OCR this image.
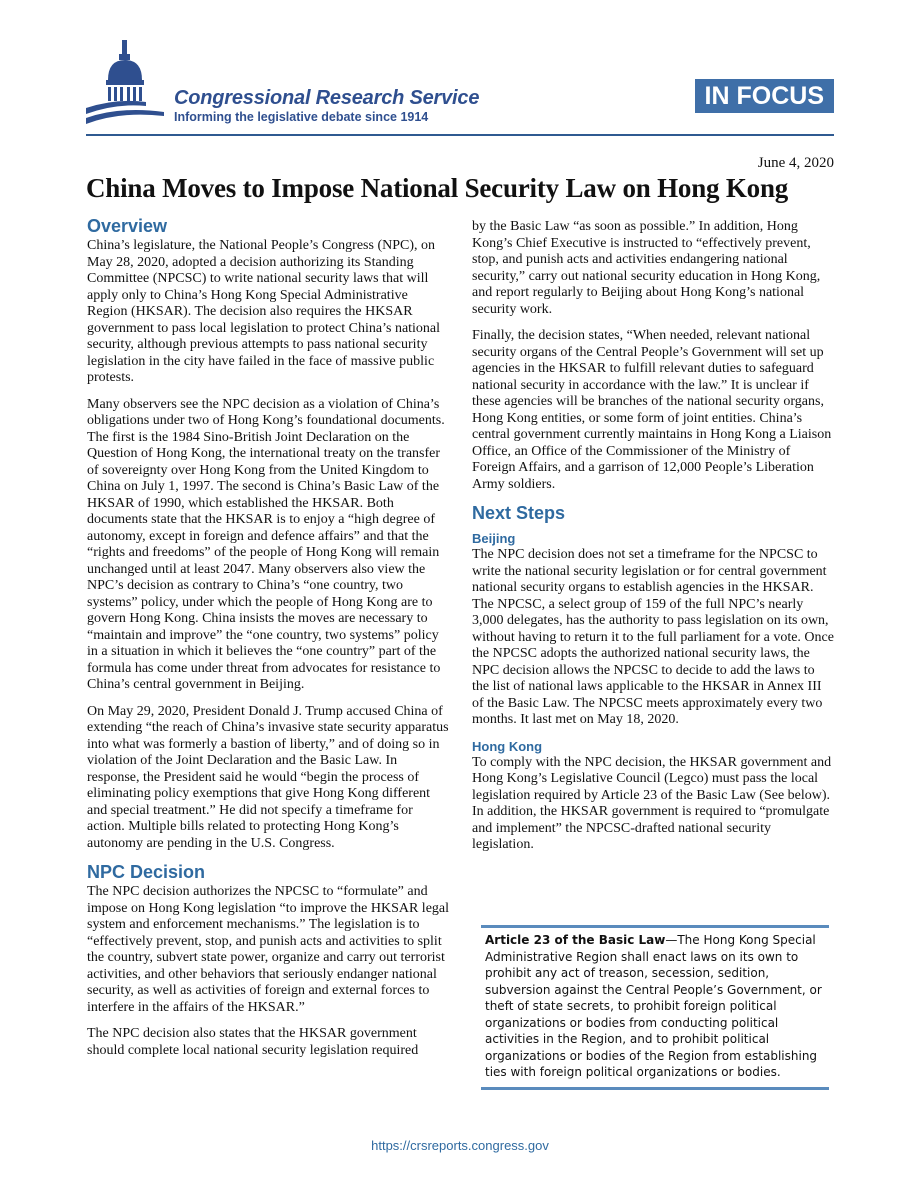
Congressional Research Service
Informing the legislative debate since 1914
IN FOCUS
June 4, 2020
China Moves to Impose National Security Law on Hong Kong
Overview

China’s legislature, the National People’s Congress (NPC), on May 28, 2020, adopted a decision authorizing its Standing Committee (NPCSC) to write national security laws that will apply only to China’s Hong Kong Special Administrative Region (HKSAR). The decision also requires the HKSAR government to pass local legislation to protect China’s national security, although previous attempts to pass national security legislation in the city have failed in the face of massive public protests.

Many observers see the NPC decision as a violation of China’s obligations under two of Hong Kong’s foundational documents. The first is the 1984 Sino-British Joint Declaration on the Question of Hong Kong, the international treaty on the transfer of sovereignty over Hong Kong from the United Kingdom to China on July 1, 1997. The second is China’s Basic Law of the HKSAR of 1990, which established the HKSAR. Both documents state that the HKSAR is to enjoy a “high degree of autonomy, except in foreign and defence affairs” and that the “rights and freedoms” of the people of Hong Kong will remain unchanged until at least 2047. Many observers also view the NPC’s decision as contrary to China’s “one country, two systems” policy, under which the people of Hong Kong are to govern Hong Kong. China insists the moves are necessary to “maintain and improve” the “one country, two systems” policy in a situation in which it believes the “one country” part of the formula has come under threat from advocates for resistance to China’s central government in Beijing.

On May 29, 2020, President Donald J. Trump accused China of extending “the reach of China’s invasive state security apparatus into what was formerly a bastion of liberty,” and of doing so in violation of the Joint Declaration and the Basic Law. In response, the President said he would “begin the process of eliminating policy exemptions that give Hong Kong different and special treatment.” He did not specify a timeframe for action. Multiple bills related to protecting Hong Kong’s autonomy are pending in the U.S. Congress.

NPC Decision

The NPC decision authorizes the NPCSC to “formulate” and impose on Hong Kong legislation “to improve the HKSAR legal system and enforcement mechanisms.” The legislation is to “effectively prevent, stop, and punish acts and activities to split the country, subvert state power, organize and carry out terrorist activities, and other behaviors that seriously endanger national security, as well as activities of foreign and external forces to interfere in the affairs of the HKSAR.”

The NPC decision also states that the HKSAR government should complete local national security legislation required

by the Basic Law “as soon as possible.” In addition, Hong Kong’s Chief Executive is instructed to “effectively prevent, stop, and punish acts and activities endangering national security,” carry out national security education in Hong Kong, and report regularly to Beijing about Hong Kong’s national security work.

Finally, the decision states, “When needed, relevant national security organs of the Central People’s Government will set up agencies in the HKSAR to fulfill relevant duties to safeguard national security in accordance with the law.” It is unclear if these agencies will be branches of the national security organs, Hong Kong entities, or some form of joint entities. China’s central government currently maintains in Hong Kong a Liaison Office, an Office of the Commissioner of the Ministry of Foreign Affairs, and a garrison of 12,000 People’s Liberation Army soldiers.

Next Steps
Beijing

The NPC decision does not set a timeframe for the NPCSC to write the national security legislation or for central government national security organs to establish agencies in the HKSAR. The NPCSC, a select group of 159 of the full NPC’s nearly 3,000 delegates, has the authority to pass legislation on its own, without having to return it to the full parliament for a vote. Once the NPCSC adopts the authorized national security laws, the NPC decision allows the NPCSC to decide to add the laws to the list of national laws applicable to the HKSAR in Annex III of the Basic Law. The NPCSC meets approximately every two months. It last met on May 18, 2020.

Hong Kong

To comply with the NPC decision, the HKSAR government and Hong Kong’s Legislative Council (Legco) must pass the local legislation required by Article 23 of the Basic Law (See below). In addition, the HKSAR government is required to “promulgate and implement” the NPCSC-drafted national security legislation.

Article 23 of the Basic Law—The Hong Kong Special Administrative Region shall enact laws on its own to prohibit any act of treason, secession, sedition, subversion against the Central People’s Government, or theft of state secrets, to prohibit foreign political organizations or bodies from conducting political activities in the Region, and to prohibit political organizations or bodies of the Region from establishing ties with foreign political organizations or bodies.
https://crsreports.congress.gov
